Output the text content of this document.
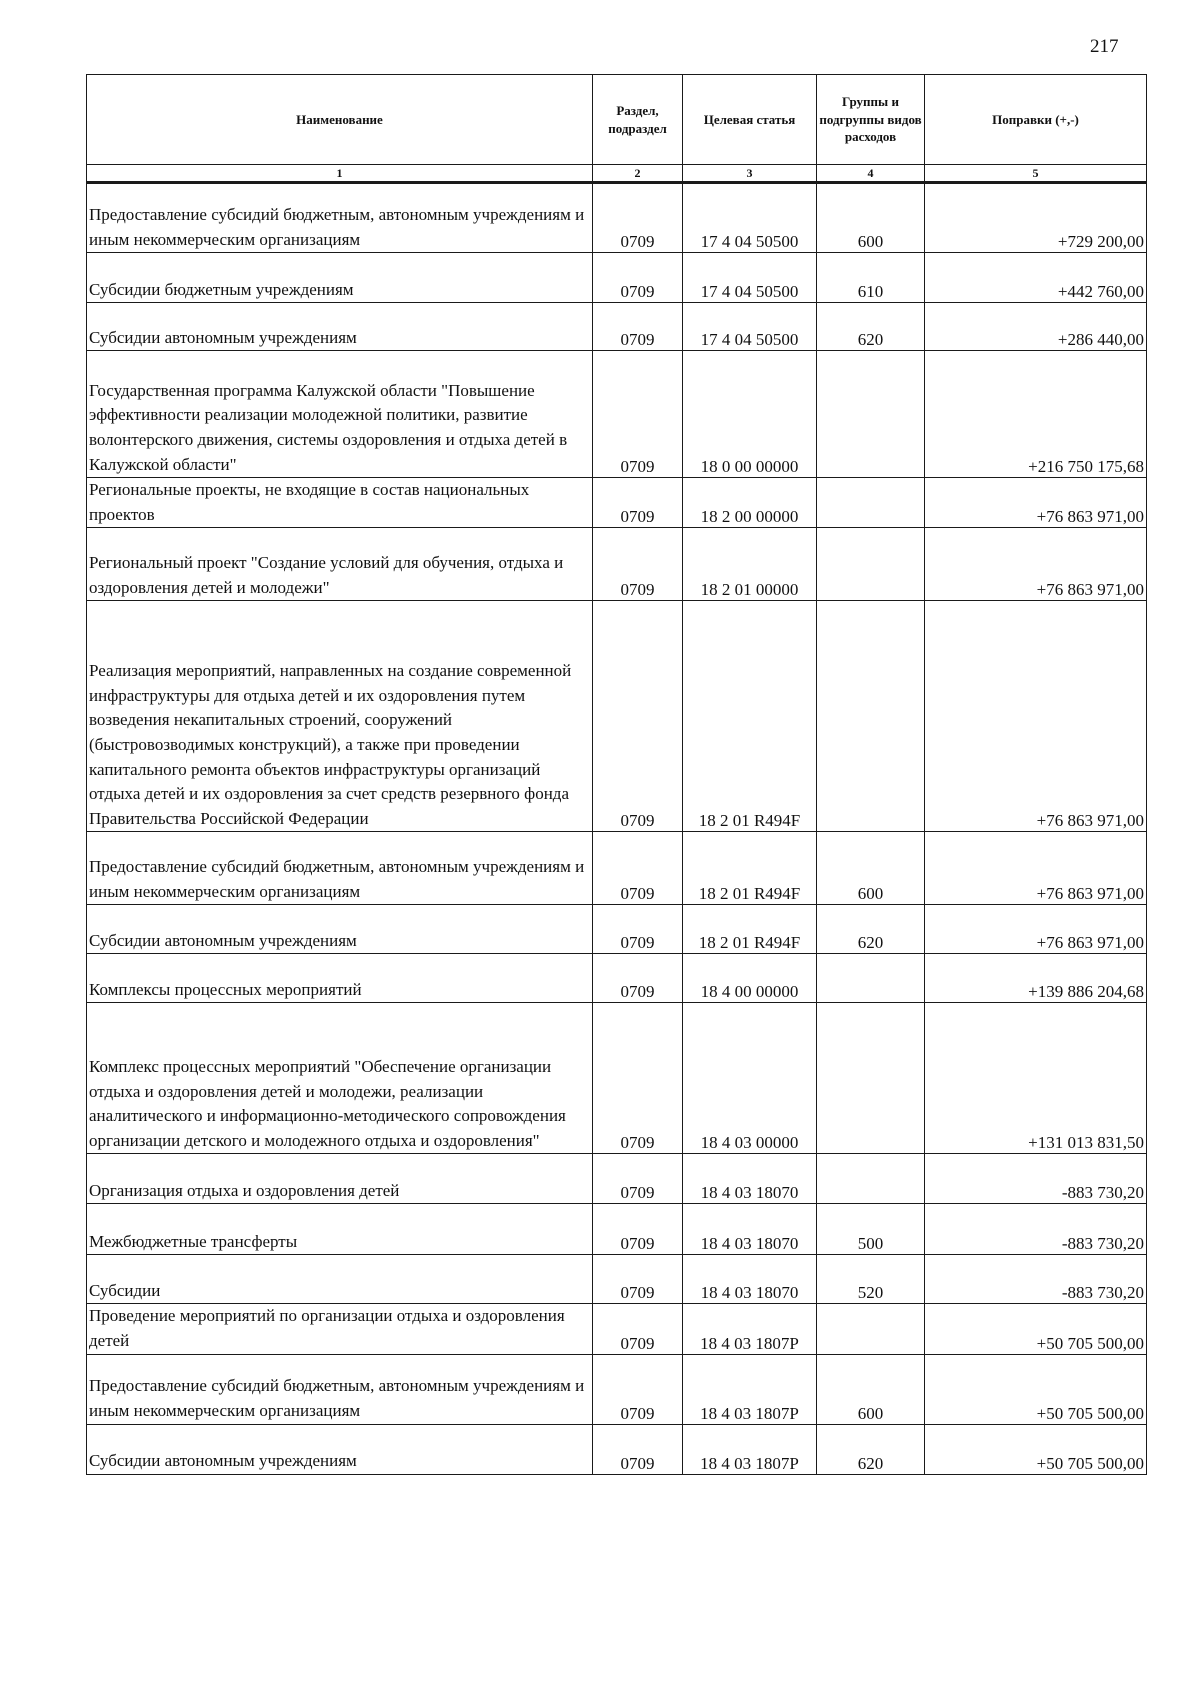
217
Наименование	Раздел, подраздел	Целевая статья	Группы и подгруппы видов расходов	Поправки (+,-)
1	2	3	4	5
Предоставление субсидий бюджетным, автономным учреждениям и иным некоммерческим организациям	0709	17 4 04 50500	600	+729 200,00
Субсидии бюджетным учреждениям	0709	17 4 04 50500	610	+442 760,00
Субсидии автономным учреждениям	0709	17 4 04 50500	620	+286 440,00
Государственная программа Калужской области "Повышение эффективности реализации молодежной политики, развитие волонтерского движения, системы оздоровления и отдыха детей в Калужской области"	0709	18 0 00 00000		+216 750 175,68
Региональные проекты, не входящие в состав национальных проектов	0709	18 2 00 00000		+76 863 971,00
Региональный проект "Создание условий для обучения, отдыха и оздоровления детей и молодежи"	0709	18 2 01 00000		+76 863 971,00
Реализация мероприятий, направленных на создание современной инфраструктуры для отдыха детей и их оздоровления путем возведения некапитальных строений, сооружений (быстровозводимых конструкций), а также при проведении капитального ремонта объектов инфраструктуры организаций отдыха детей и их оздоровления за счет средств резервного фонда Правительства Российской Федерации	0709	18 2 01 R494F		+76 863 971,00
Предоставление субсидий бюджетным, автономным учреждениям и иным некоммерческим организациям	0709	18 2 01 R494F	600	+76 863 971,00
Субсидии автономным учреждениям	0709	18 2 01 R494F	620	+76 863 971,00
Комплексы процессных мероприятий	0709	18 4 00 00000		+139 886 204,68
Комплекс процессных мероприятий "Обеспечение организации отдыха и оздоровления детей и молодежи, реализации аналитического и информационно-методического сопровождения организации детского и молодежного отдыха и оздоровления"	0709	18 4 03 00000		+131 013 831,50
Организация отдыха и оздоровления детей	0709	18 4 03 18070		-883 730,20
Межбюджетные трансферты	0709	18 4 03 18070	500	-883 730,20
Субсидии	0709	18 4 03 18070	520	-883 730,20
Проведение мероприятий по организации отдыха и оздоровления детей	0709	18 4 03 1807P		+50 705 500,00
Предоставление субсидий бюджетным, автономным учреждениям и иным некоммерческим организациям	0709	18 4 03 1807P	600	+50 705 500,00
Субсидии автономным учреждениям	0709	18 4 03 1807P	620	+50 705 500,00
